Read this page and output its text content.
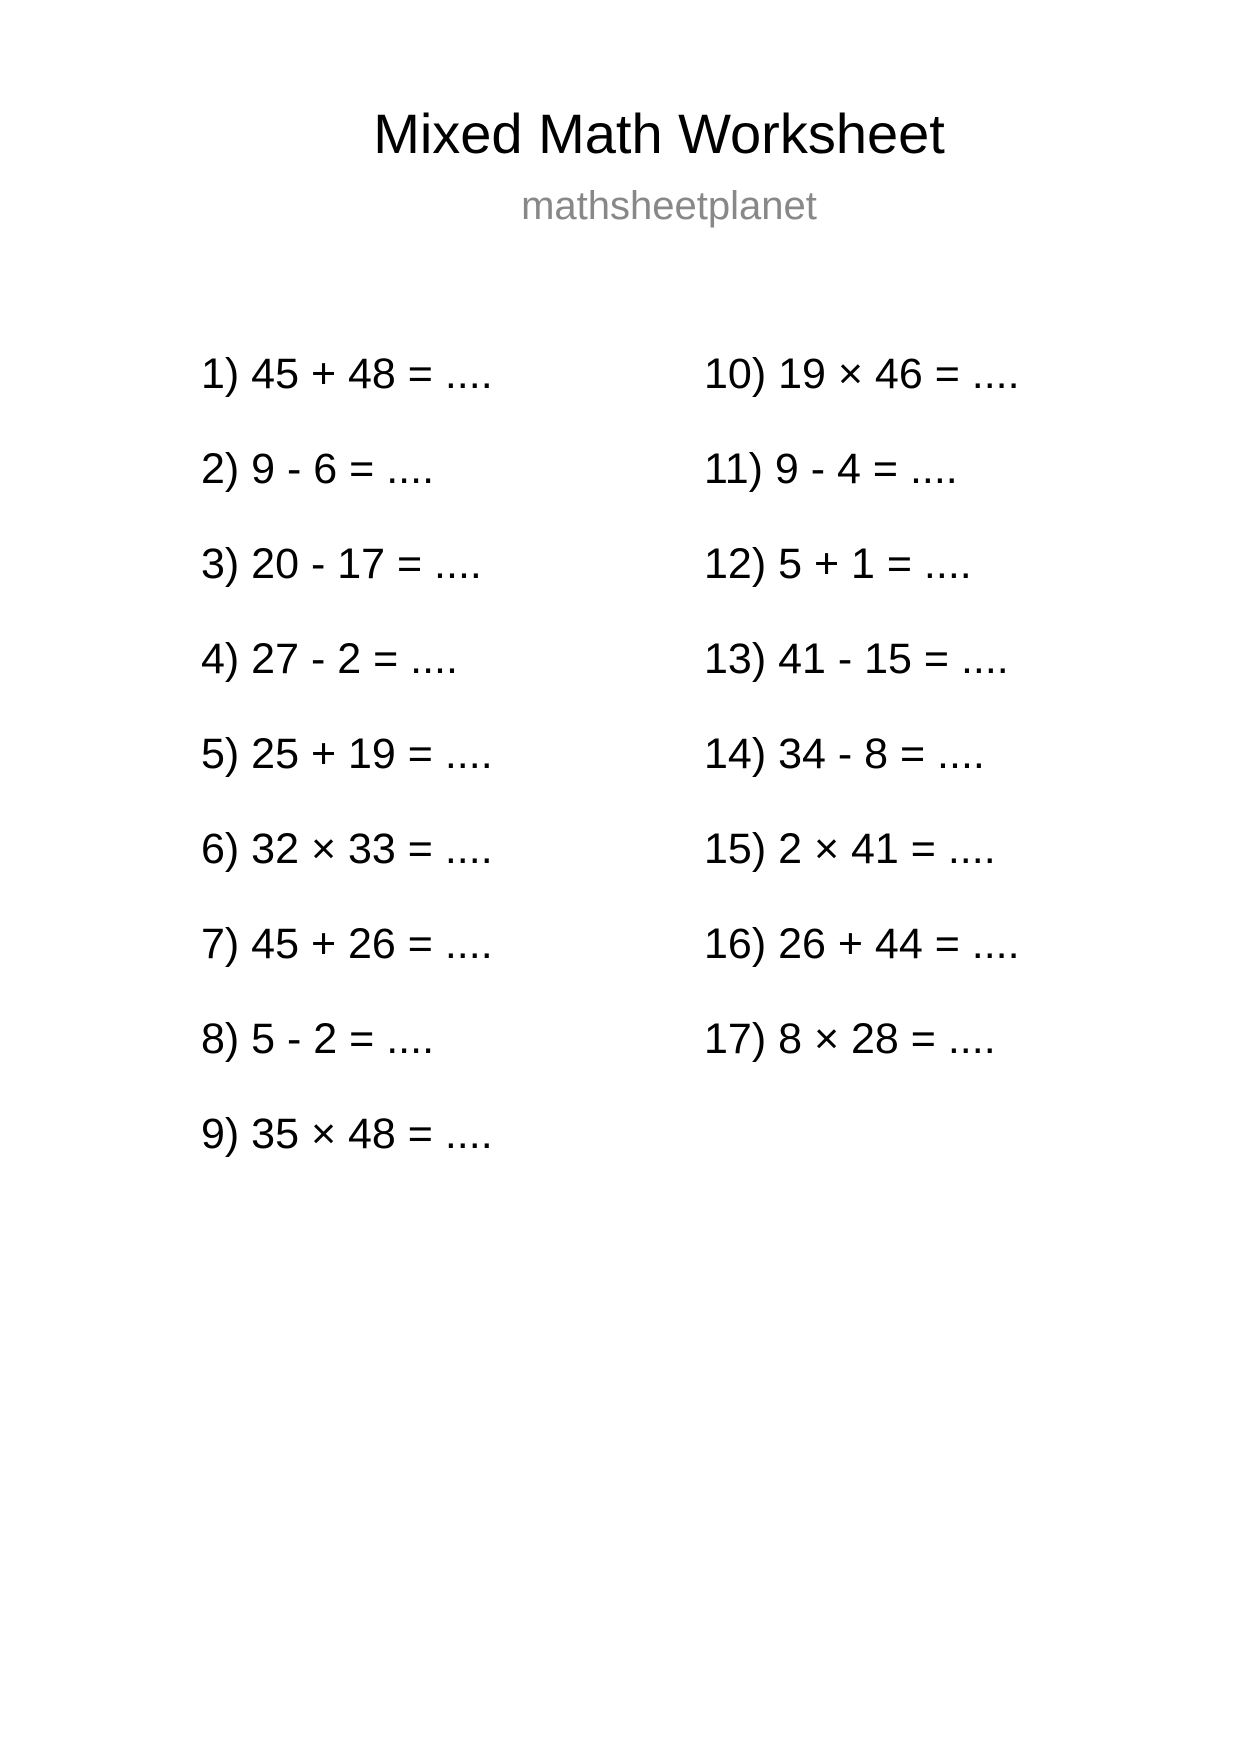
Mixed Math Worksheet
mathsheetplanet
1) 45 + 48 = ....
2) 9 - 6 = ....
3) 20 - 17 = ....
4) 27 - 2 = ....
5) 25 + 19 = ....
6) 32 × 33 = ....
7) 45 + 26 = ....
8) 5 - 2 = ....
9) 35 × 48 = ....
10) 19 × 46 = ....
11) 9 - 4 = ....
12) 5 + 1 = ....
13) 41 - 15 = ....
14) 34 - 8 = ....
15) 2 × 41 = ....
16) 26 + 44 = ....
17) 8 × 28 = ....
